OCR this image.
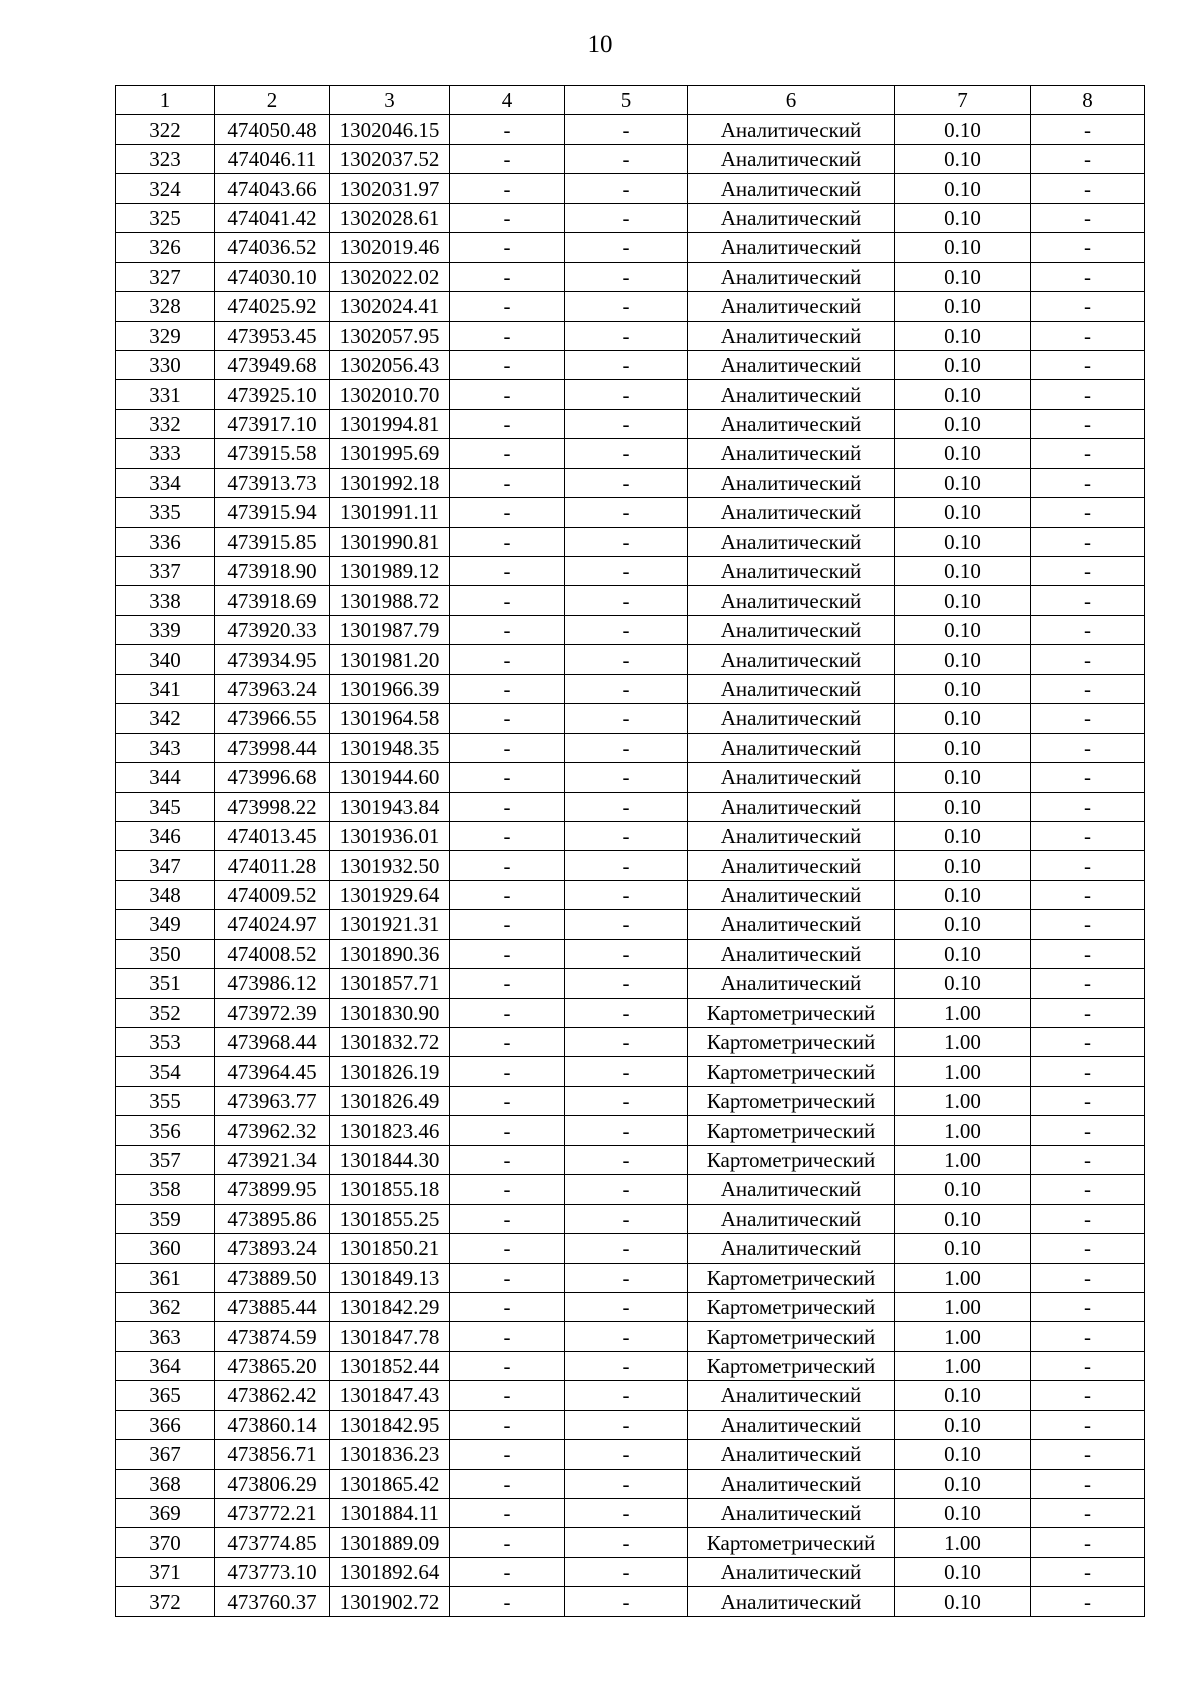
10
1	2	3	4	5	6	7	8
322	474050.48	1302046.15	-	-	Аналитический	0.10	-
323	474046.11	1302037.52	-	-	Аналитический	0.10	-
324	474043.66	1302031.97	-	-	Аналитический	0.10	-
325	474041.42	1302028.61	-	-	Аналитический	0.10	-
326	474036.52	1302019.46	-	-	Аналитический	0.10	-
327	474030.10	1302022.02	-	-	Аналитический	0.10	-
328	474025.92	1302024.41	-	-	Аналитический	0.10	-
329	473953.45	1302057.95	-	-	Аналитический	0.10	-
330	473949.68	1302056.43	-	-	Аналитический	0.10	-
331	473925.10	1302010.70	-	-	Аналитический	0.10	-
332	473917.10	1301994.81	-	-	Аналитический	0.10	-
333	473915.58	1301995.69	-	-	Аналитический	0.10	-
334	473913.73	1301992.18	-	-	Аналитический	0.10	-
335	473915.94	1301991.11	-	-	Аналитический	0.10	-
336	473915.85	1301990.81	-	-	Аналитический	0.10	-
337	473918.90	1301989.12	-	-	Аналитический	0.10	-
338	473918.69	1301988.72	-	-	Аналитический	0.10	-
339	473920.33	1301987.79	-	-	Аналитический	0.10	-
340	473934.95	1301981.20	-	-	Аналитический	0.10	-
341	473963.24	1301966.39	-	-	Аналитический	0.10	-
342	473966.55	1301964.58	-	-	Аналитический	0.10	-
343	473998.44	1301948.35	-	-	Аналитический	0.10	-
344	473996.68	1301944.60	-	-	Аналитический	0.10	-
345	473998.22	1301943.84	-	-	Аналитический	0.10	-
346	474013.45	1301936.01	-	-	Аналитический	0.10	-
347	474011.28	1301932.50	-	-	Аналитический	0.10	-
348	474009.52	1301929.64	-	-	Аналитический	0.10	-
349	474024.97	1301921.31	-	-	Аналитический	0.10	-
350	474008.52	1301890.36	-	-	Аналитический	0.10	-
351	473986.12	1301857.71	-	-	Аналитический	0.10	-
352	473972.39	1301830.90	-	-	Картометрический	1.00	-
353	473968.44	1301832.72	-	-	Картометрический	1.00	-
354	473964.45	1301826.19	-	-	Картометрический	1.00	-
355	473963.77	1301826.49	-	-	Картометрический	1.00	-
356	473962.32	1301823.46	-	-	Картометрический	1.00	-
357	473921.34	1301844.30	-	-	Картометрический	1.00	-
358	473899.95	1301855.18	-	-	Аналитический	0.10	-
359	473895.86	1301855.25	-	-	Аналитический	0.10	-
360	473893.24	1301850.21	-	-	Аналитический	0.10	-
361	473889.50	1301849.13	-	-	Картометрический	1.00	-
362	473885.44	1301842.29	-	-	Картометрический	1.00	-
363	473874.59	1301847.78	-	-	Картометрический	1.00	-
364	473865.20	1301852.44	-	-	Картометрический	1.00	-
365	473862.42	1301847.43	-	-	Аналитический	0.10	-
366	473860.14	1301842.95	-	-	Аналитический	0.10	-
367	473856.71	1301836.23	-	-	Аналитический	0.10	-
368	473806.29	1301865.42	-	-	Аналитический	0.10	-
369	473772.21	1301884.11	-	-	Аналитический	0.10	-
370	473774.85	1301889.09	-	-	Картометрический	1.00	-
371	473773.10	1301892.64	-	-	Аналитический	0.10	-
372	473760.37	1301902.72	-	-	Аналитический	0.10	-
